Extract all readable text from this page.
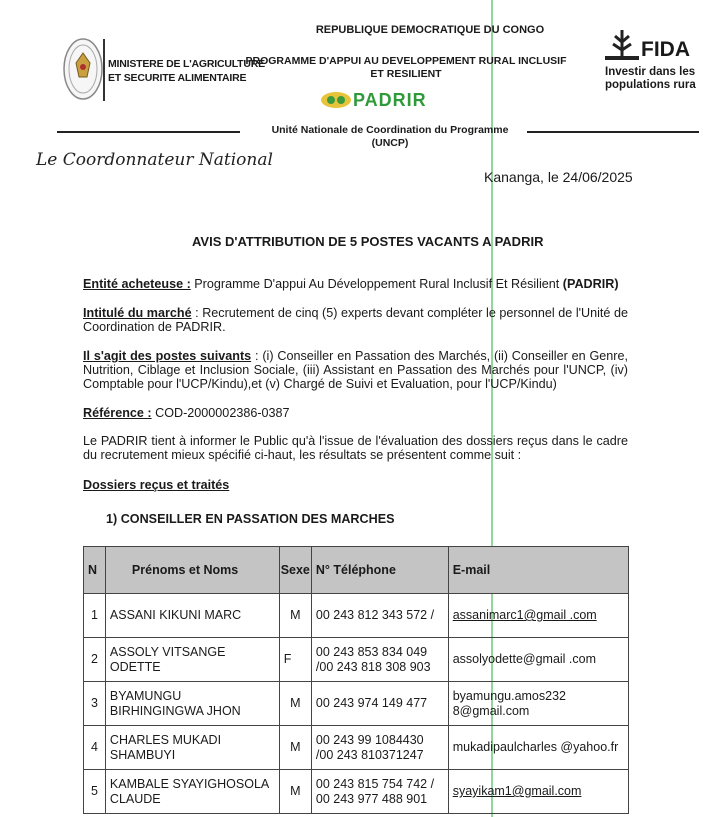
REPUBLIQUE DEMOCRATIQUE DU CONGO
MINISTERE DE L'AGRICULTURE
ET SECURITE ALIMENTAIRE
PROGRAMME D'APPUI AU DEVELOPPEMENT RURAL INCLUSIF
ET RESILIENT
PADRIR
FIDA
Investir dans les
populations rura
Unité Nationale de Coordination du Programme
(UNCP)
Le Coordonnateur National
Kananga, le 24/06/2025
AVIS D'ATTRIBUTION DE 5 POSTES VACANTS A PADRIR
Entité acheteuse : Programme D'appui Au Développement Rural Inclusif Et Résilient (PADRIR)
Intitulé du marché : Recrutement de cinq (5) experts devant compléter le personnel de l'Unité de Coordination de PADRIR.
Il s'agit des postes suivants : (i) Conseiller en Passation des Marchés, (ii) Conseiller en Genre, Nutrition, Ciblage et Inclusion Sociale, (iii) Assistant en Passation des Marchés pour l'UNCP, (iv) Comptable pour l'UCP/Kindu),et (v) Chargé de Suivi et Evaluation, pour l'UCP/Kindu)
Référence : COD-2000002386-0387
Le PADRIR tient à informer le Public qu'à l'issue de l'évaluation des dossiers reçus dans le cadre du recrutement mieux spécifié ci-haut, les résultats se présentent comme suit :
Dossiers reçus et traités
1) CONSEILLER EN PASSATION DES MARCHES
N	Prénoms et Noms	Sexe	N° Téléphone	E-mail
1	ASSANI KIKUNI MARC	M	00 243 812 343 572 /	assanimarc1@gmail .com
2	ASSOLY VITSANGE ODETTE	F	00 243 853 834 049 /00 243 818 308 903	assolyodette@gmail .com
3	BYAMUNGU BIRHINGINGWA JHON	M	00 243 974 149 477	byamungu.amos232 8@gmail.com
4	CHARLES MUKADI SHAMBUYI	M	00 243 99 1084430 /00 243 810371247	mukadipaulcharles @yahoo.fr
5	KAMBALE SYAYIGHOSOLA CLAUDE	M	00 243 815 754 742 / 00 243 977 488 901	syayikam1@gmail.com
